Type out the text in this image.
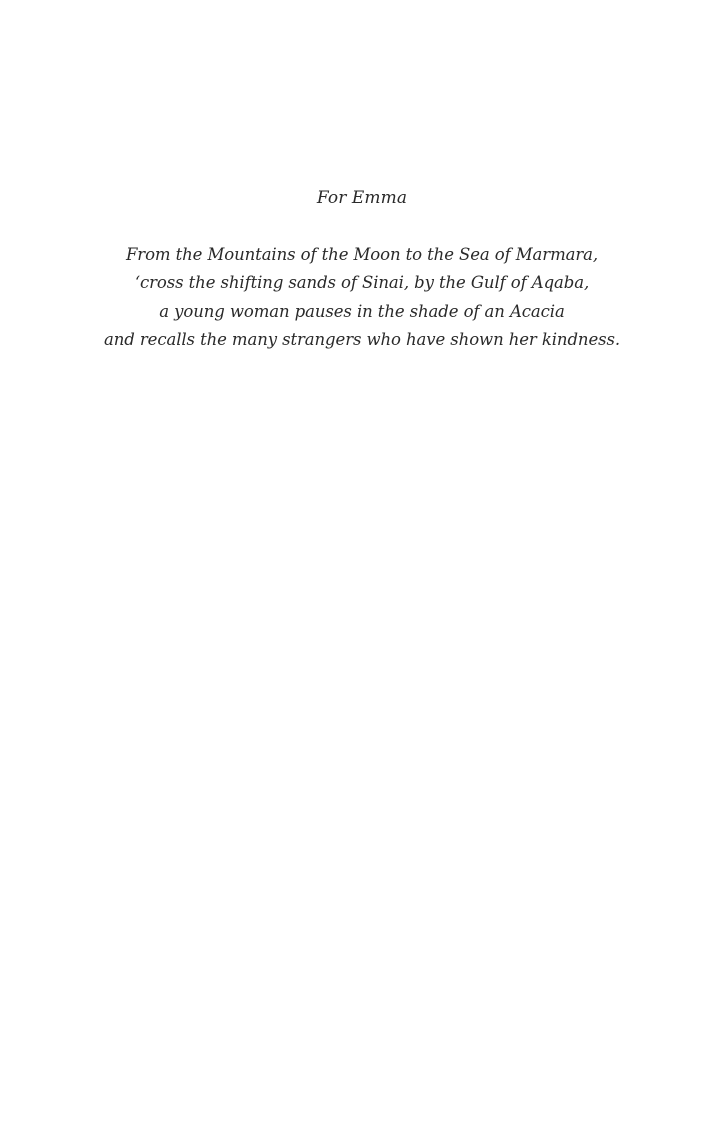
For Emma

From the Mountains of the Moon to the Sea of Marmara,
‘cross the shifting sands of Sinai, by the Gulf of Aqaba,
a young woman pauses in the shade of an Acacia
and recalls the many strangers who have shown her kindness.
